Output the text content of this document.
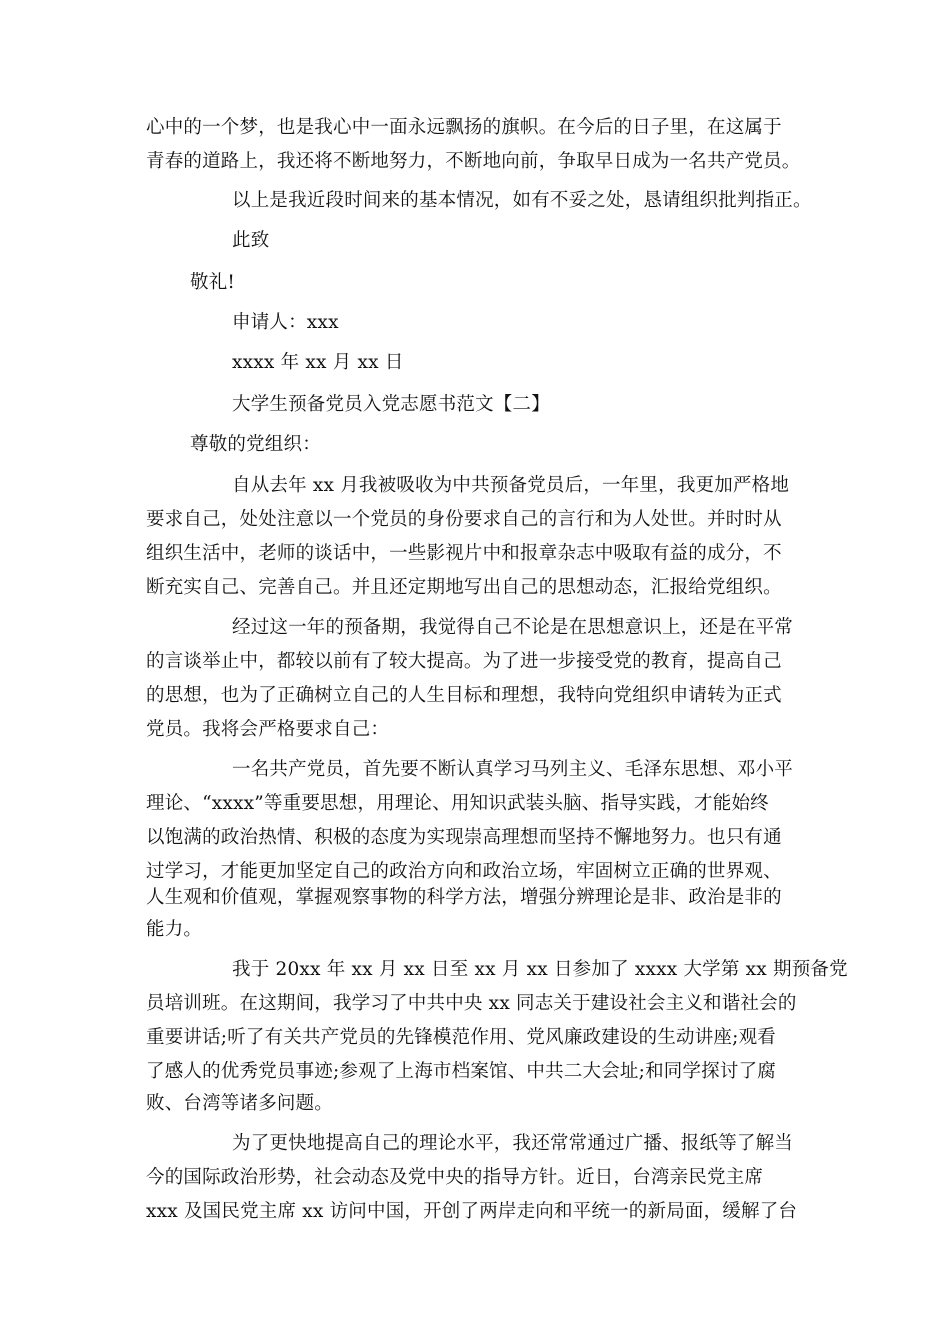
心中的一个梦，也是我心中一面永远飘扬的旗帜。在今后的日子里，在这属于

青春的道路上，我还将不断地努力，不断地向前，争取早日成为一名共产党员。

以上是我近段时间来的基本情况，如有不妥之处，恳请组织批判指正。

此致

敬礼!

申请人：xxx

xxxx 年 xx 月 xx 日

大学生预备党员入党志愿书范文【二】

尊敬的党组织：

自从去年 xx 月我被吸收为中共预备党员后，一年里，我更加严格地

要求自己，处处注意以一个党员的身份要求自己的言行和为人处世。并时时从

组织生活中，老师的谈话中，一些影视片中和报章杂志中吸取有益的成分，不

断充实自己、完善自己。并且还定期地写出自己的思想动态，汇报给党组织。

经过这一年的预备期，我觉得自己不论是在思想意识上，还是在平常

的言谈举止中，都较以前有了较大提高。为了进一步接受党的教育，提高自己

的思想，也为了正确树立自己的人生目标和理想，我特向党组织申请转为正式

党员。我将会严格要求自己：

一名共产党员，首先要不断认真学习马列主义、毛泽东思想、邓小平

理论、“xxxx”等重要思想，用理论、用知识武装头脑、指导实践，才能始终

以饱满的政治热情、积极的态度为实现崇高理想而坚持不懈地努力。也只有通

过学习，才能更加坚定自己的政治方向和政治立场，牢固树立正确的世界观、

人生观和价值观，掌握观察事物的科学方法，增强分辨理论是非、政治是非的

能力。

我于 20xx 年 xx 月 xx 日至 xx 月 xx 日参加了 xxxx 大学第 xx 期预备党

员培训班。在这期间，我学习了中共中央 xx 同志关于建设社会主义和谐社会的

重要讲话;听了有关共产党员的先锋模范作用、党风廉政建设的生动讲座;观看

了感人的优秀党员事迹;参观了上海市档案馆、中共二大会址;和同学探讨了腐

败、台湾等诸多问题。

为了更快地提高自己的理论水平，我还常常通过广播、报纸等了解当

今的国际政治形势，社会动态及党中央的指导方针。近日，台湾亲民党主席

xxx 及国民党主席 xx 访问中国，开创了两岸走向和平统一的新局面，缓解了台
